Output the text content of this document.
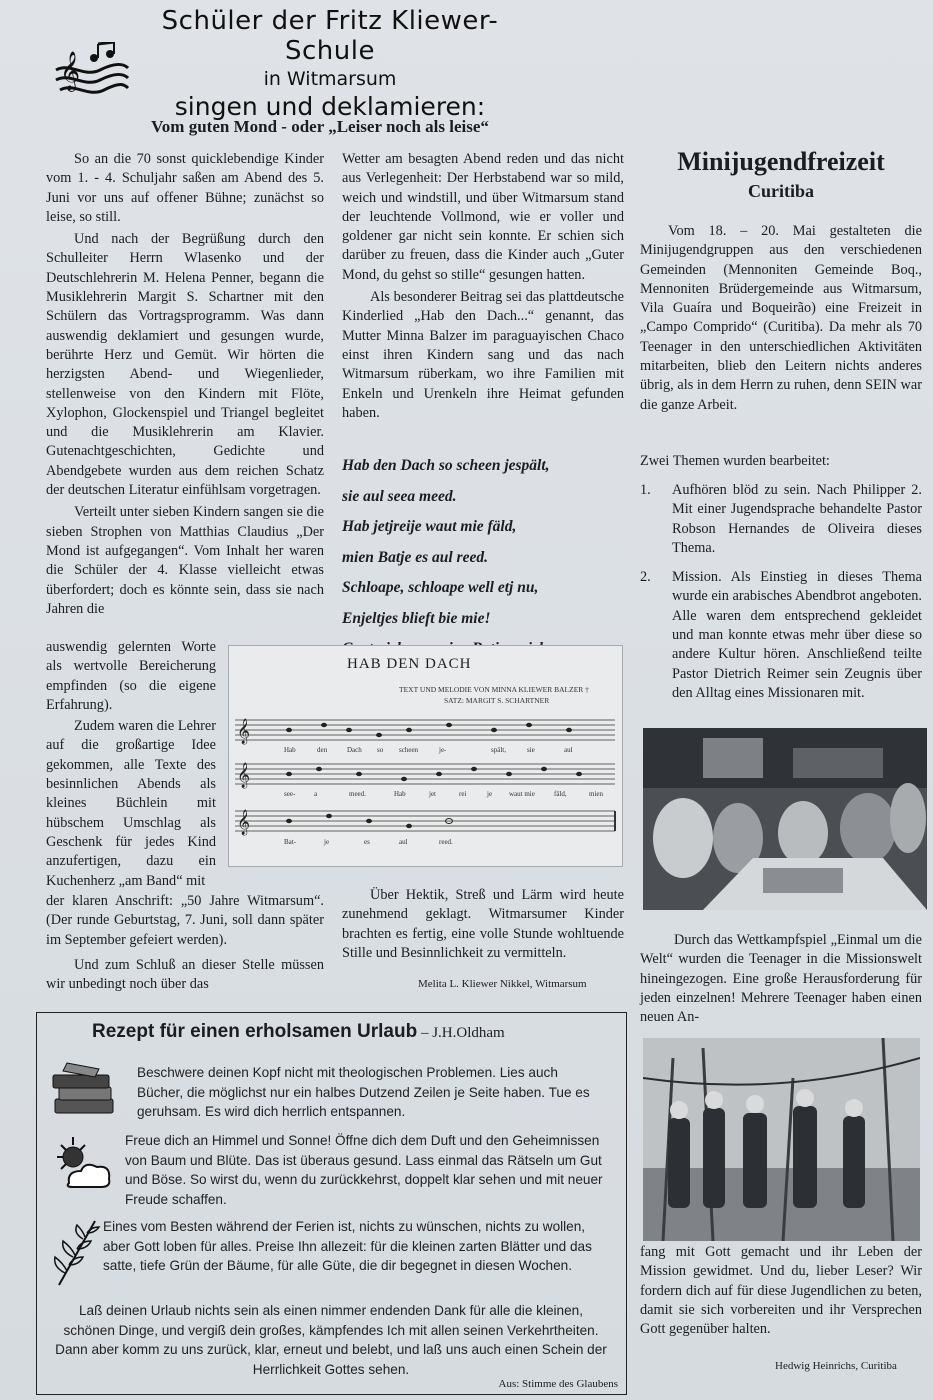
𝄞
Schüler der Fritz Kliewer-Schule
in Witmarsum
singen und deklamieren:
Vom guten Mond - oder „Leiser noch als leise“

So an die 70 sonst quicklebendige Kinder vom 1. - 4. Schuljahr saßen am Abend des 5. Juni vor uns auf offener Bühne; zunächst so leise, so still.

Und nach der Begrüßung durch den Schulleiter Herrn Wlasenko und der Deutschlehrerin M. Helena Penner, begann die Musiklehrerin Margit S. Schartner mit den Schülern das Vortragsprogramm. Was dann auswendig deklamiert und gesungen wurde, berührte Herz und Gemüt. Wir hörten die herzigsten Abend- und Wiegenlieder, stellenweise von den Kindern mit Flöte, Xylophon, Glockenspiel und Triangel begleitet und die Musiklehrerin am Klavier. Gutenachtgeschichten, Gedichte und Abendgebete wurden aus dem reichen Schatz der deutschen Literatur einfühlsam vorgetragen.

Verteilt unter sieben Kindern sangen sie die sieben Strophen von Matthias Claudius „Der Mond ist aufgegangen“. Vom Inhalt her waren die Schüler der 4. Klasse vielleicht etwas überfordert; doch es könnte sein, dass sie nach Jahren die

auswendig gelernten Worte als wertvolle Bereicherung empfinden (so die eigene Erfahrung).
Zudem waren die Lehrer auf die großartige Idee gekommen, alle Texte des besinnlichen Abends als kleines Büchlein mit hübschem Umschlag als Geschenk für jedes Kind anzufertigen, dazu ein Kuchenherz „am Band“ mit
der klaren Anschrift: „50 Jahre Witmarsum“. (Der runde Geburtstag, 7. Juni, soll dann später im September gefeiert werden).
Und zum Schluß an dieser Stelle müssen wir unbedingt noch über das

Wetter am besagten Abend reden und das nicht aus Verlegenheit: Der Herbstabend war so mild, weich und windstill, und über Witmarsum stand der leuchtende Vollmond, wie er voller und goldener gar nicht sein konnte. Er schien sich darüber zu freuen, dass die Kinder auch „Guter Mond, du gehst so stille“ gesungen hatten.

Als besonderer Beitrag sei das plattdeutsche Kinderlied „Hab den Dach...“ genannt, das Mutter Minna Balzer im paraguayischen Chaco einst ihren Kindern sang und das nach Witmarsum rüberkam, wo ihre Familien mit Enkeln und Urenkeln ihre Heimat gefunden haben.

Hab den Dach so scheen jespält,
sie aul seea meed.
Hab jetjreije waut mie fäld,
mien Batje es aul reed.
Schloape, schloape well etj nu,
Enjeltjes blieft bie mie!
𝄞
𝄞
𝄞
HAB DEN DACH
TEXT UND MELODIE VON MINNA KLIEWER BALZER †
SATZ: MARGIT S. SCHARTNER
Hab	den	Dach so scheen	je-	spält,	sie	aul
see-	a	meed.	Hab	jet	rei	je waut mie	fäld,	mien
Bat-	je	es	aul	reed.

Über Hektik, Streß und Lärm wird heute zunehmend geklagt. Witmarsumer Kinder brachten es fertig, eine volle Stunde wohltuende Stille und Besinnlichkeit zu vermitteln.

Melita L. Kliewer Nikkel, Witmarsum
Minijugendfreizeit
Curitiba
Vom 18. – 20. Mai gestalteten die Minijugendgruppen aus den verschiedenen Gemeinden (Mennoniten Gemeinde Boq., Mennoniten Brüdergemeinde aus Witmarsum, Vila Guaíra und Boqueirão) eine Freizeit in „Campo Comprido“ (Curitiba). Da mehr als 70 Teenager in den unterschiedlichen Aktivitäten mitarbeiten, blieb den Leitern nichts anderes übrig, als in dem Herrn zu ruhen, denn SEIN war die ganze Arbeit.
Zwei Themen wurden bearbeitet:
1.	Aufhören blöd zu sein. Nach Philipper 2. Mit einer Jugendsprache behandelte Pastor Robson Hernandes de Oliveira dieses Thema.
2.	Mission. Als Einstieg in dieses Thema wurde ein arabisches Abendbrot angeboten. Alle waren dem entsprechend gekleidet und man konnte etwas mehr über diese so andere Kultur hören. Anschließend teilte Pastor Dietrich Reimer sein Zeugnis über den Alltag eines Missionaren mit.
Durch das Wettkampfspiel „Einmal um die Welt“ wurden die Teenager in die Missionswelt hineingezogen. Eine große Herausforderung für jeden einzelnen! Mehrere Teenager haben einen neuen An-
fang mit Gott gemacht und ihr Leben der Mission gewidmet. Und du, lieber Leser? Wir fordern dich auf für diese Jugendlichen zu beten, damit sie sich vorbereiten und ihr Versprechen Gott gegenüber halten.
Hedwig Heinrichs, Curitiba
Rezept für einen erholsamen Urlaub – J.H.Oldham
Beschwere deinen Kopf nicht mit theologischen Problemen. Lies auch Bücher, die möglichst nur ein halbes Dutzend Zeilen je Seite haben. Tue es geruhsam. Es wird dich herrlich entspannen.
Freue dich an Himmel und Sonne! Öffne dich dem Duft und den Geheimnissen von Baum und Blüte. Das ist überaus gesund. Lass einmal das Rätseln um Gut und Böse. So wirst du, wenn du zurückkehrst, doppelt klar sehen und mit neuer Freude schaffen.
Eines vom Besten während der Ferien ist, nichts zu wünschen, nichts zu wollen, aber Gott loben für alles. Preise Ihn allezeit: für die kleinen zarten Blätter und das satte, tiefe Grün der Bäume, für alle Güte, die dir begegnet in diesen Wochen.
Laß deinen Urlaub nichts sein als einen nimmer endenden Dank für alle die kleinen, schönen Dinge, und vergiß dein großes, kämpfendes Ich mit allen seinen Verkehrtheiten. Dann aber komm zu uns zurück, klar, erneut und belebt, und laß uns auch einen Schein der Herrlichkeit Gottes sehen.
Aus: Stimme des Glaubens
